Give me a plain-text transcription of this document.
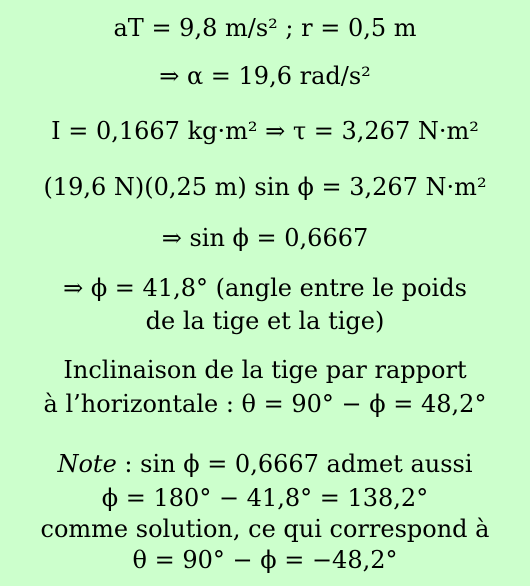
aT = 9,8 m/s² ; r = 0,5 m
⇒ α = 19,6 rad/s²
I = 0,1667 kg·m² ⇒ τ = 3,267 N·m²
(19,6 N)(0,25 m) sin ϕ = 3,267 N·m²
⇒ sin ϕ = 0,6667
⇒ ϕ = 41,8° (angle entre le poids
de la tige et la tige)
Inclinaison de la tige par rapport
à l’horizontale : θ = 90° − ϕ = 48,2°
Note : sin ϕ = 0,6667 admet aussi
ϕ = 180° − 41,8° = 138,2°
comme solution, ce qui correspond à
θ = 90° − ϕ = −48,2°
